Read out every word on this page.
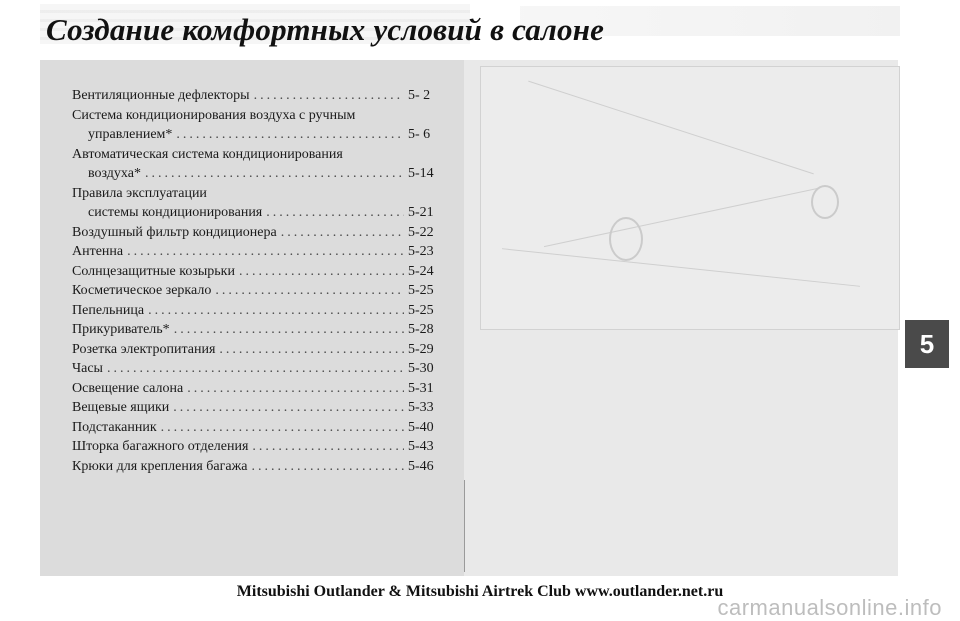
Создание комфортных условий в салоне
Вентиляционные дефлекторы .....	5- 2
Система кондиционирования воздуха с ручным
управлением* .....	5- 6
Автоматическая система кондиционирования
воздуха* .....	5-14
Правила эксплуатации
системы кондиционирования .....	5-21
Воздушный фильтр кондиционера .....	5-22
Антенна .....	5-23
Солнцезащитные козырьки .....	5-24
Косметическое зеркало .....	5-25
Пепельница .....	5-25
Прикуриватель* .....	5-28
Розетка электропитания .....	5-29
Часы .....	5-30
Освещение салона .....	5-31
Вещевые ящики .....	5-33
Подстаканник .....	5-40
Шторка багажного отделения .....	5-43
Крюки для крепления багажа .....	5-46
5
Mitsubishi Outlander & Mitsubishi Airtrek Club www.outlander.net.ru
carmanualsonline.info
